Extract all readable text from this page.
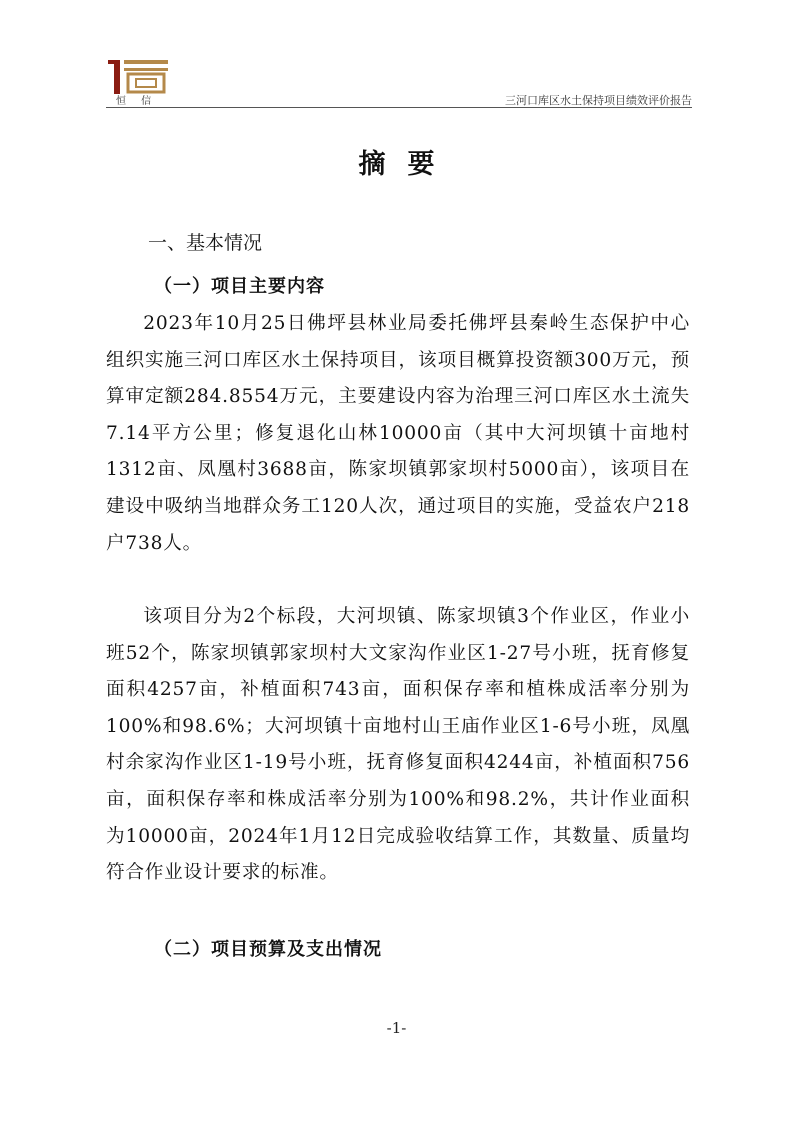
恒 信	三河口库区水土保持项目绩效评价报告
摘要
一、基本情况
（一）项目主要内容

2023年10月25日佛坪县林业局委托佛坪县秦岭生态保护中心组织实施三河口库区水土保持项目，该项目概算投资额300万元，预算审定额284.8554万元，主要建设内容为治理三河口库区水土流失7.14平方公里；修复退化山林10000亩（其中大河坝镇十亩地村1312亩、凤凰村3688亩，陈家坝镇郭家坝村5000亩），该项目在建设中吸纳当地群众务工120人次，通过项目的实施，受益农户218户738人。

该项目分为2个标段，大河坝镇、陈家坝镇3个作业区，作业小班52个，陈家坝镇郭家坝村大文家沟作业区1-27号小班，抚育修复面积4257亩，补植面积743亩，面积保存率和植株成活率分别为100%和98.6%；大河坝镇十亩地村山王庙作业区1-6号小班，凤凰村余家沟作业区1-19号小班，抚育修复面积4244亩，补植面积756亩，面积保存率和株成活率分别为100%和98.2%，共计作业面积为10000亩，2024年1月12日完成验收结算工作，其数量、质量均符合作业设计要求的标准。

（二）项目预算及支出情况
-1-
